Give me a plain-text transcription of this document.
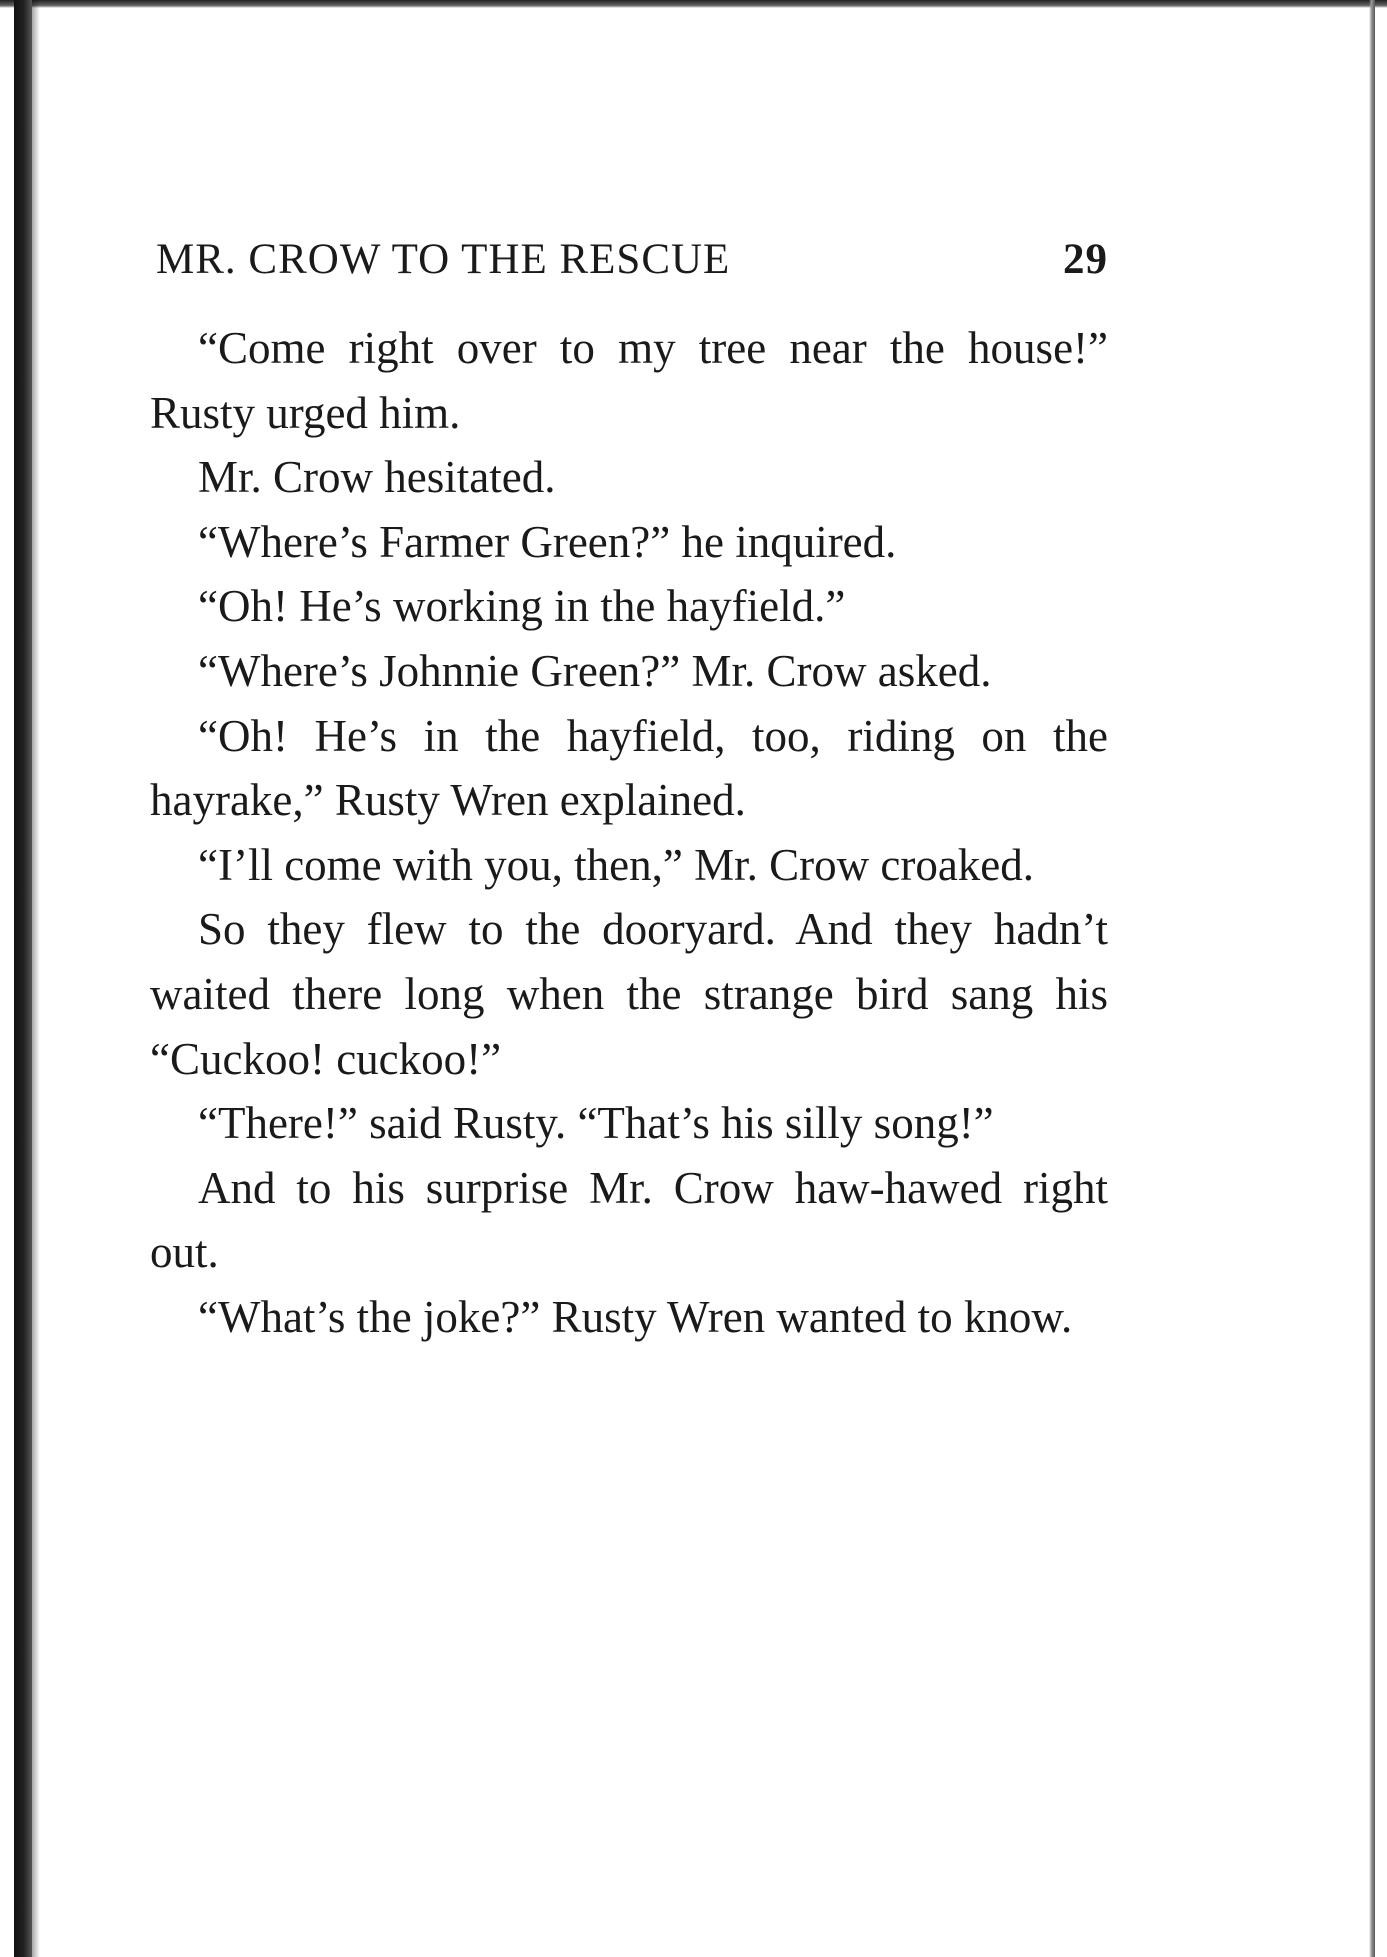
MR. CROW TO THE RESCUE	29

“Come right over to my tree near the house!” Rusty urged him.

Mr. Crow hesitated.

“Where’s Farmer Green?” he inquired.

“Oh! He’s working in the hayfield.”

“Where’s Johnnie Green?” Mr. Crow asked.

“Oh! He’s in the hayfield, too, riding on the hayrake,” Rusty Wren explained.

“I’ll come with you, then,” Mr. Crow croaked.

So they flew to the dooryard. And they hadn’t waited there long when the strange bird sang his “Cuckoo! cuckoo!”

“There!” said Rusty. “That’s his silly song!”

And to his surprise Mr. Crow haw-hawed right out.

“What’s the joke?” Rusty Wren wanted to know.
